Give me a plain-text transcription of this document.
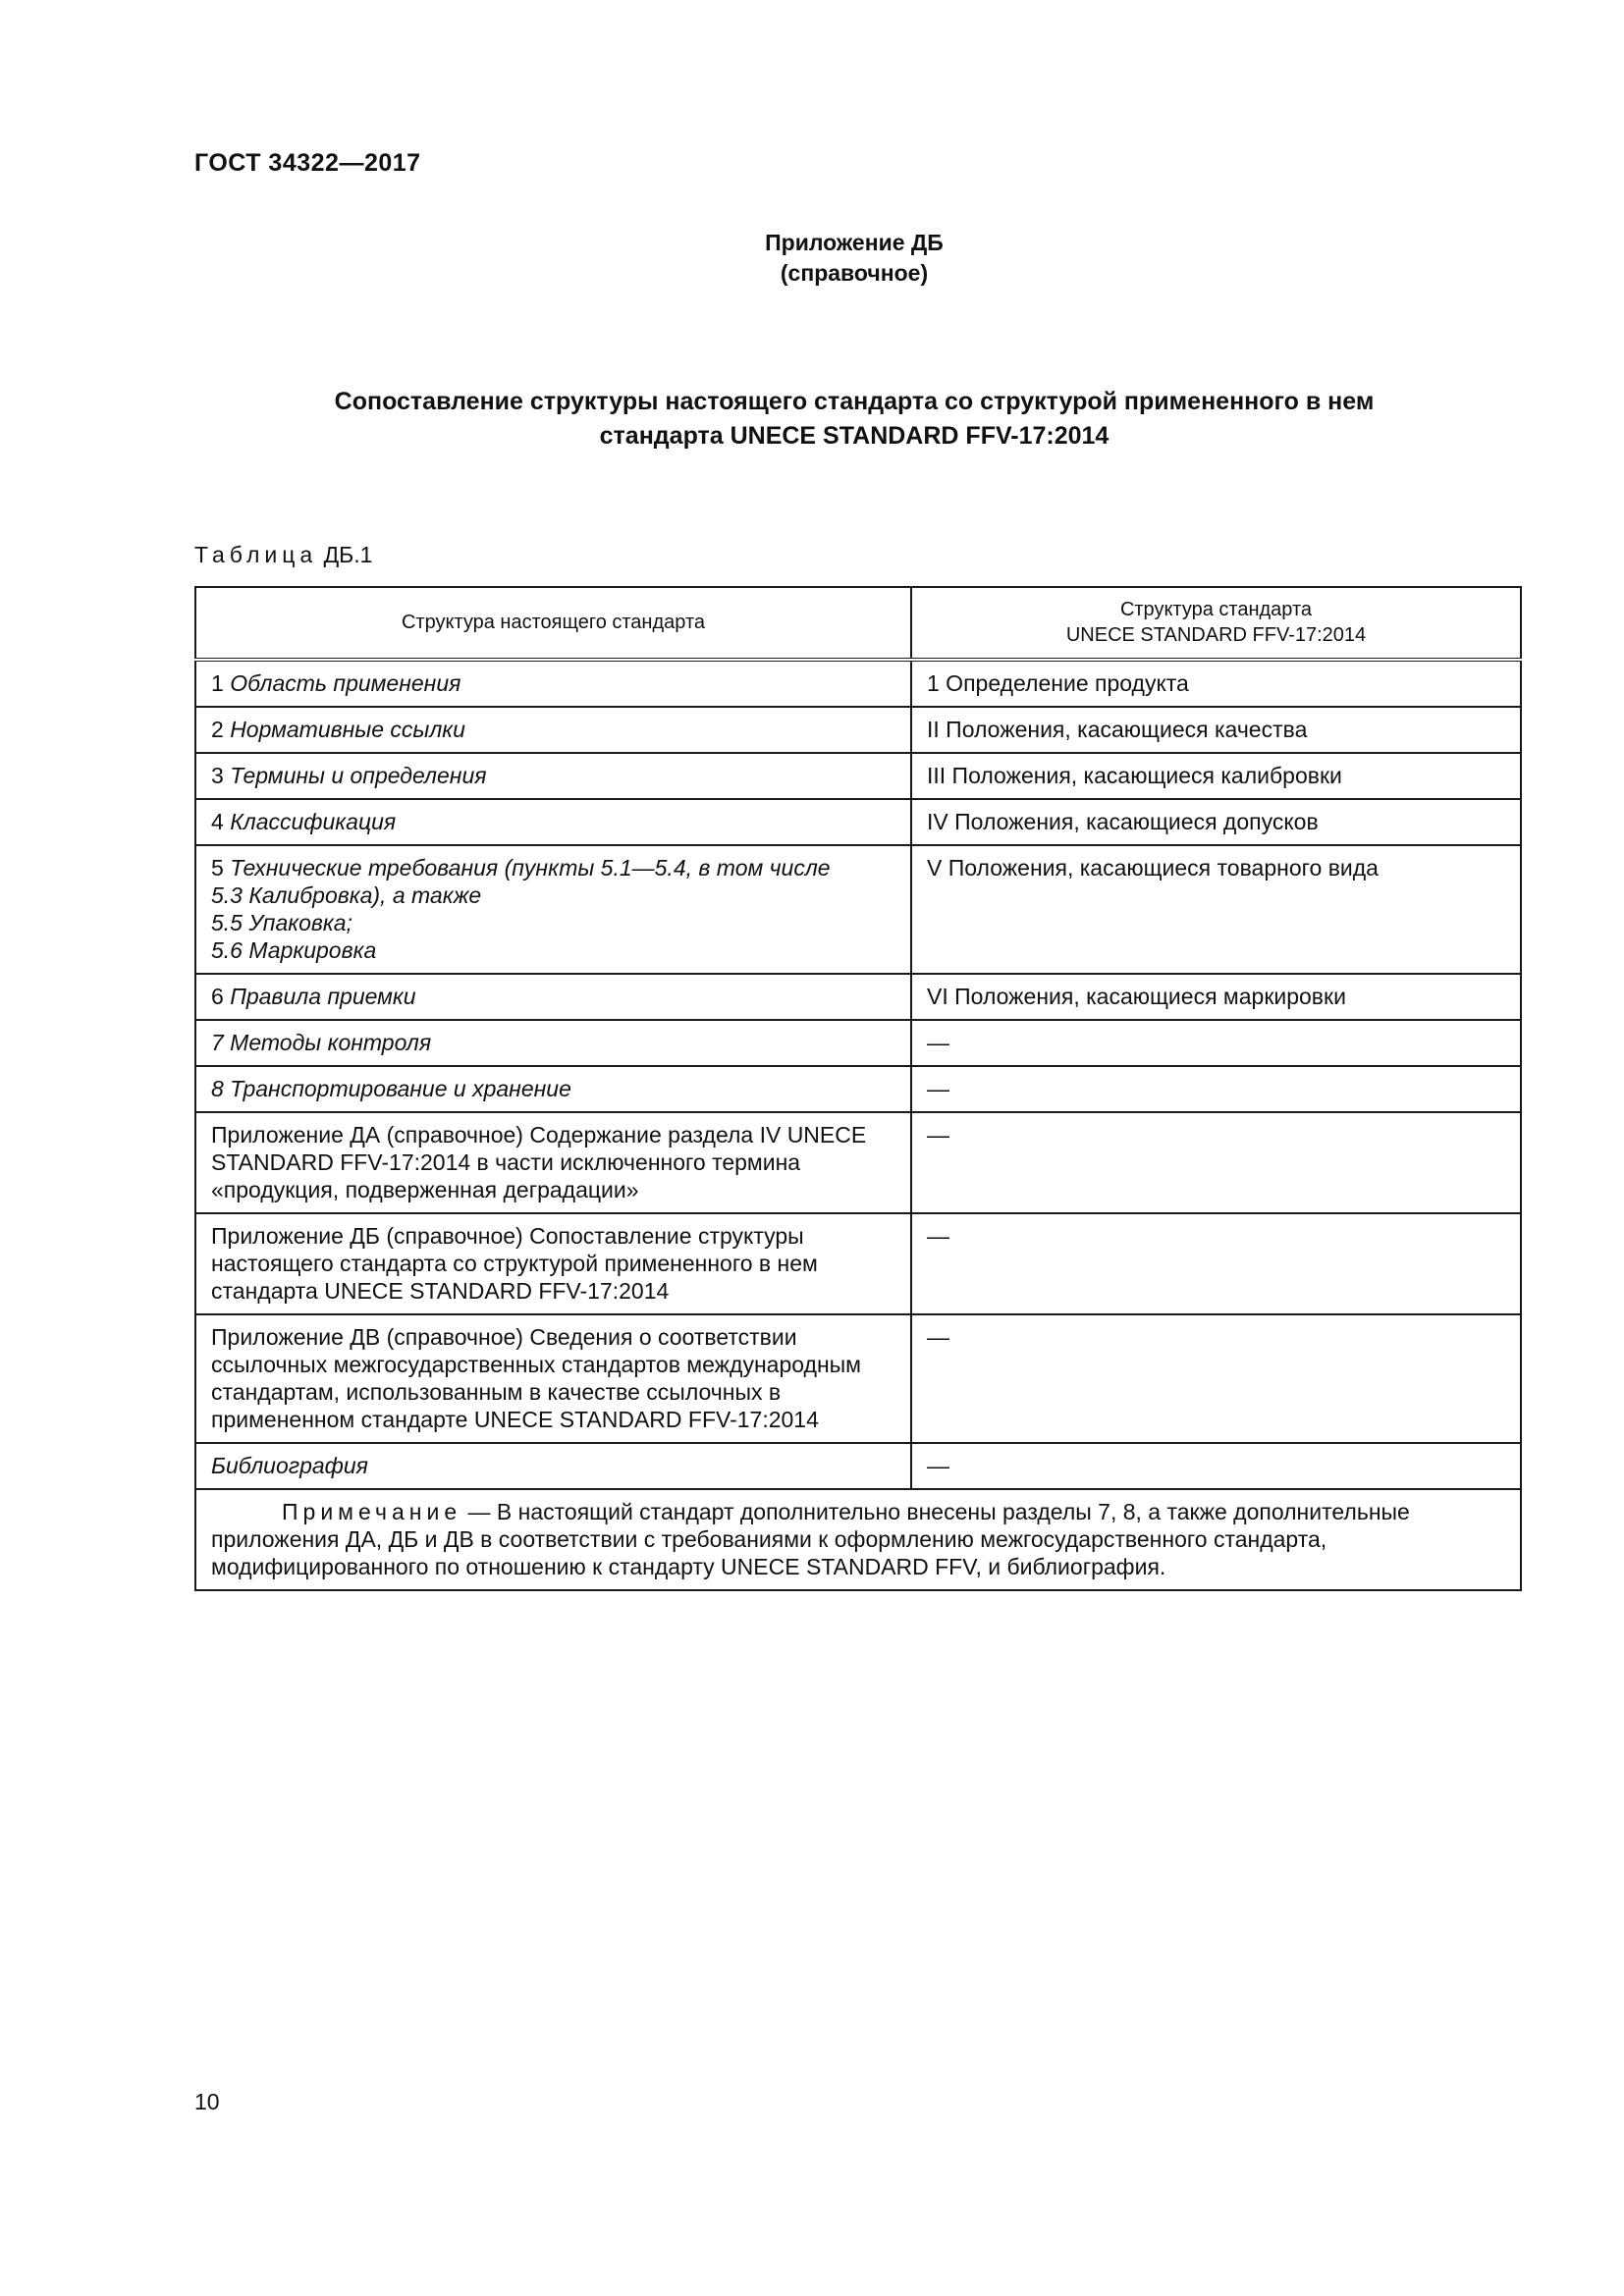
ГОСТ 34322—2017
Приложение ДБ
(справочное)
Сопоставление структуры настоящего стандарта со структурой примененного в нем
стандарта UNECE STANDARD FFV-17:2014
Таблица ДБ.1
Структура настоящего стандарта	Структура стандарта
UNECE STANDARD FFV-17:2014

1 Область применения	1 Определение продукта
2 Нормативные ссылки	II Положения, касающиеся качества
3 Термины и определения	III Положения, касающиеся калибровки
4 Классификация	IV Положения, касающиеся допусков

5 Технические требования (пункты 5.1—5.4, в том числе
5.3 Калибровка), а также
5.5 Упаковка;
5.6 Маркировка	V Положения, касающиеся товарного вида
6 Правила приемки	VI Положения, касающиеся маркировки
7 Методы контроля	—
8 Транспортирование и хранение	—
Приложение ДА (справочное) Содержание раздела IV UNECE STANDARD FFV-17:2014 в части исключенного термина «продукция, подверженная деградации»	—
Приложение ДБ (справочное) Сопоставление структуры настоящего стандарта со структурой примененного в нем стандарта UNECE STANDARD FFV-17:2014	—
Приложение ДВ (справочное) Сведения о соответствии ссылочных межгосударственных стандартов международным стандартам, использованным в качестве ссылочных в примененном стандарте UNECE STANDARD FFV-17:2014	—
Библиография	—

Примечание — В настоящий стандарт дополнительно внесены разделы 7, 8, а также дополнительные приложения ДА, ДБ и ДВ в соответствии с требованиями к оформлению межгосударственного стандарта, модифицированного по отношению к стандарту UNECE STANDARD FFV, и библиография.	
10
